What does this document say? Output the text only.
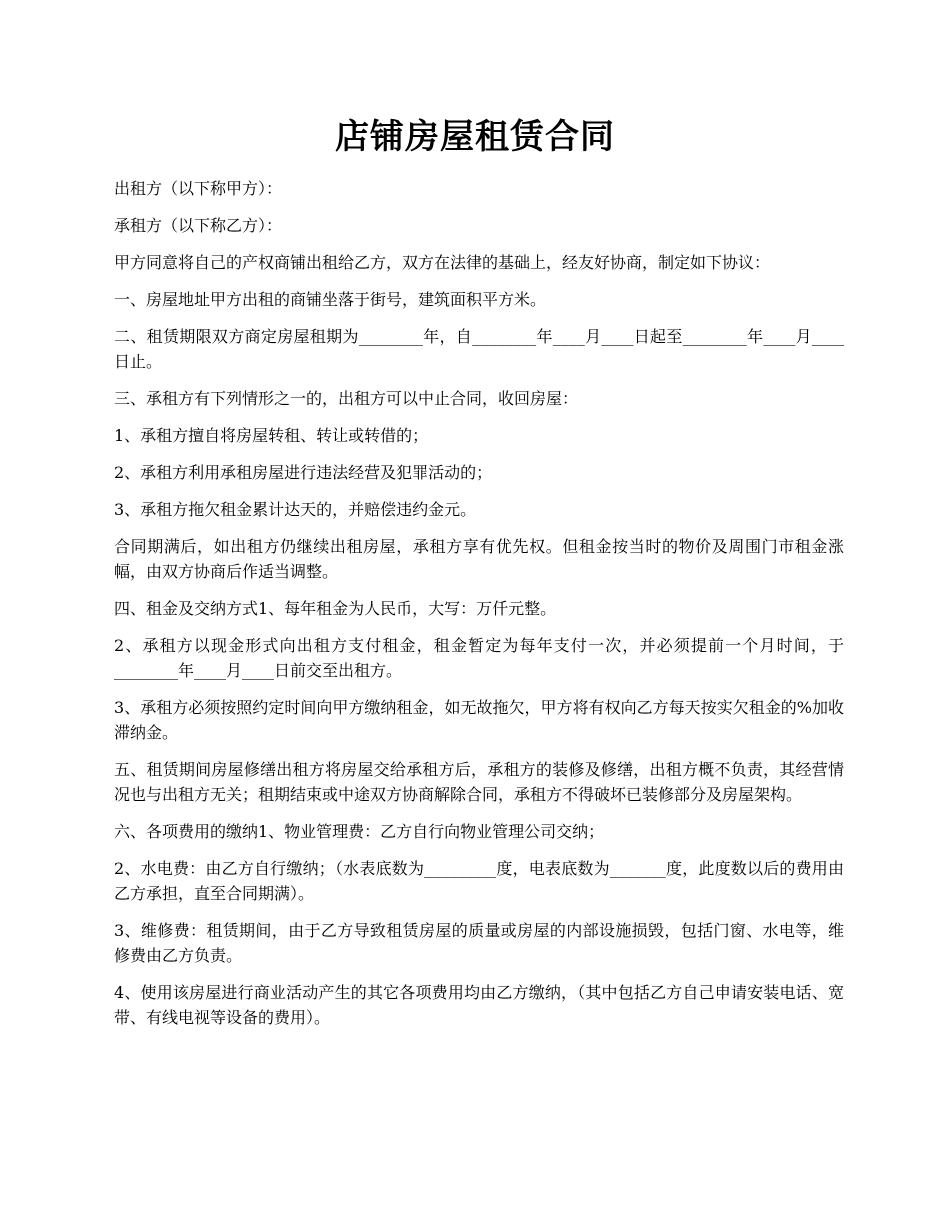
店铺房屋租赁合同

出租方（以下称甲方）：

承租方（以下称乙方）：

甲方同意将自己的产权商铺出租给乙方，双方在法律的基础上，经友好协商，制定如下协议：

一、房屋地址甲方出租的商铺坐落于街号，建筑面积平方米。

二、租赁期限双方商定房屋租期为________年，自________年____月____日起至________年____月____日止。

三、承租方有下列情形之一的，出租方可以中止合同，收回房屋：

1、承租方擅自将房屋转租、转让或转借的；

2、承租方利用承租房屋进行违法经营及犯罪活动的；

3、承租方拖欠租金累计达天的，并赔偿违约金元。

合同期满后，如出租方仍继续出租房屋，承租方享有优先权。但租金按当时的物价及周围门市租金涨幅，由双方协商后作适当调整。

四、租金及交纳方式1、每年租金为人民币，大写：万仟元整。

2、承租方以现金形式向出租方支付租金，租金暂定为每年支付一次，并必须提前一个月时间，于________年____月____日前交至出租方。

3、承租方必须按照约定时间向甲方缴纳租金，如无故拖欠，甲方将有权向乙方每天按实欠租金的%加收滞纳金。

五、租赁期间房屋修缮出租方将房屋交给承租方后，承租方的装修及修缮，出租方概不负责，其经营情况也与出租方无关；租期结束或中途双方协商解除合同，承租方不得破坏已装修部分及房屋架构。

六、各项费用的缴纳1、物业管理费：乙方自行向物业管理公司交纳；

2、水电费：由乙方自行缴纳；（水表底数为_________度，电表底数为_______度，此度数以后的费用由乙方承担，直至合同期满）。

3、维修费：租赁期间，由于乙方导致租赁房屋的质量或房屋的内部设施损毁，包括门窗、水电等，维修费由乙方负责。

4、使用该房屋进行商业活动产生的其它各项费用均由乙方缴纳，（其中包括乙方自己申请安装电话、宽带、有线电视等设备的费用）。
